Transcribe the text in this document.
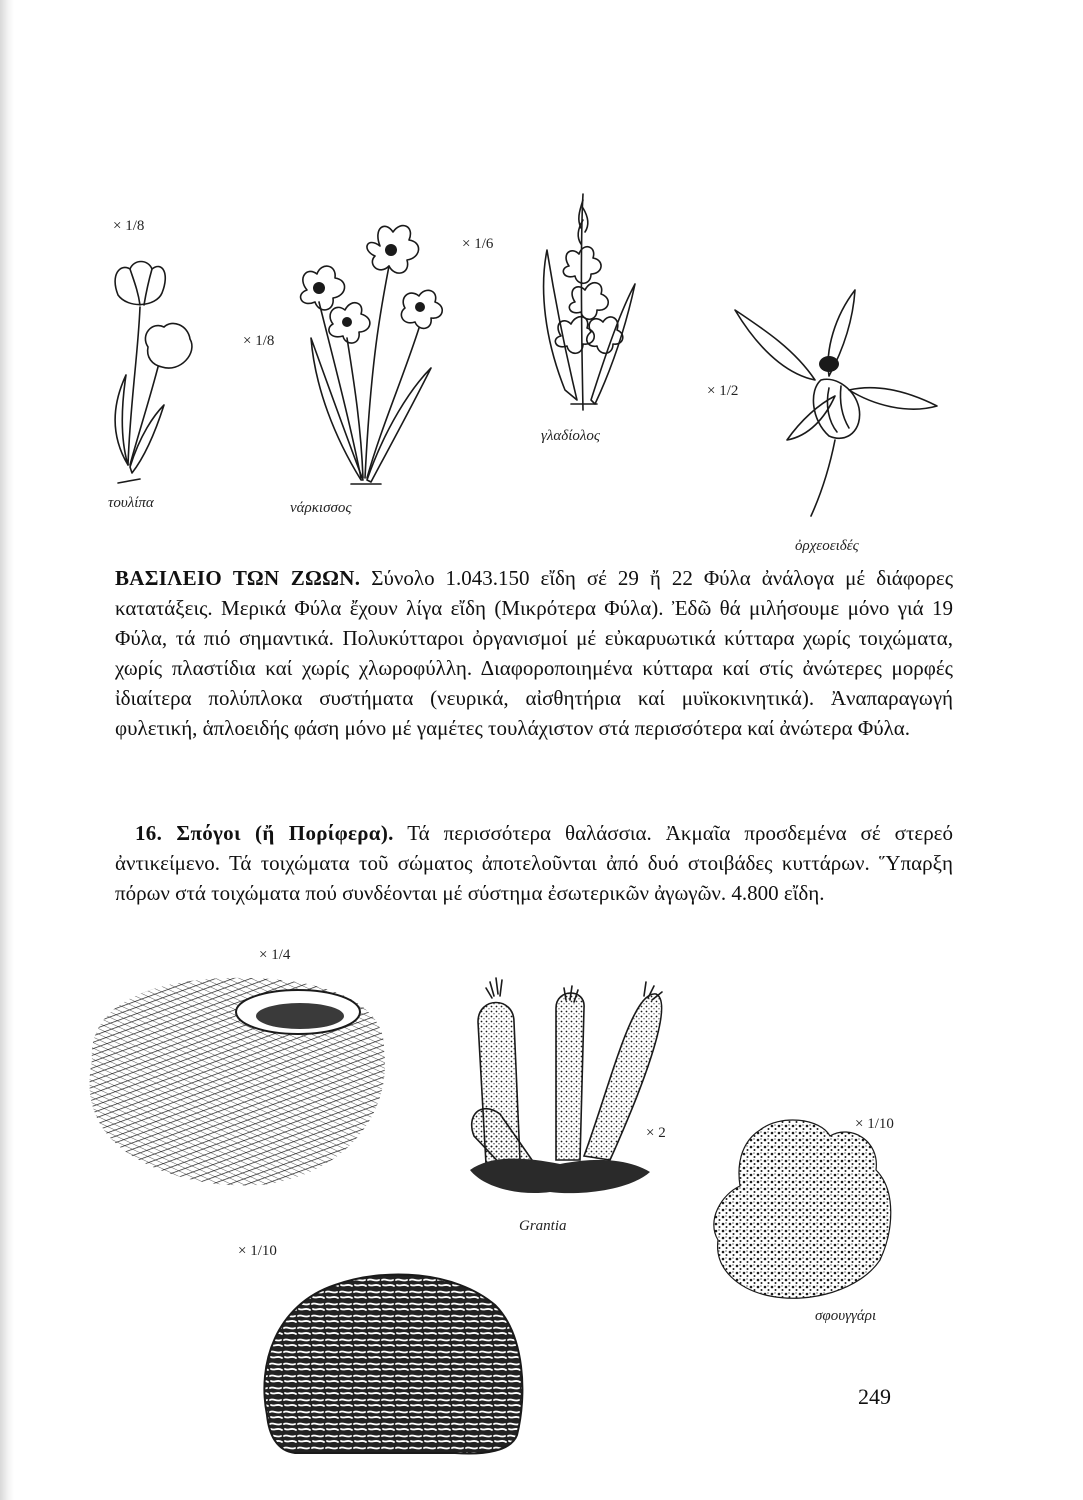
× 1/8
× 1/8
× 1/6
× 1/2
γλαδίολος
τουλίπα	νάρκισσος
ὀρχεοειδές
ΒΑΣΙΛΕΙΟ ΤΩΝ ΖΩΩΝ. Σύνολο 1.043.150 εἴδη σέ 29 ἤ 22 Φύλα ἀνάλογα μέ διάφορες κατατάξεις. Μερικά Φύλα ἔχουν λίγα εἴδη (Μικρότερα Φύλα). Ἐδῶ θά μιλήσουμε μόνο γιά 19 Φύλα, τά πιό σημαντικά. Πολυκύτταροι ὀργανισμοί μέ εὐκαρυωτικά κύτταρα χωρίς τοιχώματα, χωρίς πλαστίδια καί χωρίς χλωροφύλλη. Διαφοροποιημένα κύτταρα καί στίς ἀνώτερες μορφές ἰδιαίτερα πολύπλοκα συστήματα (νευρικά, αἰσθητήρια καί μυϊκοκινητικά). Ἀναπαραγωγή φυλετική, ἁπλοειδής φάση μόνο μέ γαμέτες τουλάχιστον στά περισσότερα καί ἀνώτερα Φύλα.
16. Σπόγοι (ἤ Πορίφερα). Τά περισσότερα θαλάσσια. Ἀκμαῖα προσδεμένα σέ στερεό ἀντικείμενο. Τά τοιχώματα τοῦ σώματος ἀποτελοῦνται ἀπό δυό στοιβάδες κυττάρων. Ὕπαρξη πόρων στά τοιχώματα πού συνδέονται μέ σύστημα ἐσωτερικῶν ἀγωγῶν. 4.800 εἴδη.
× 1/4
× 2
Grantia
× 1/10
σφουγγάρι
× 1/10
249
